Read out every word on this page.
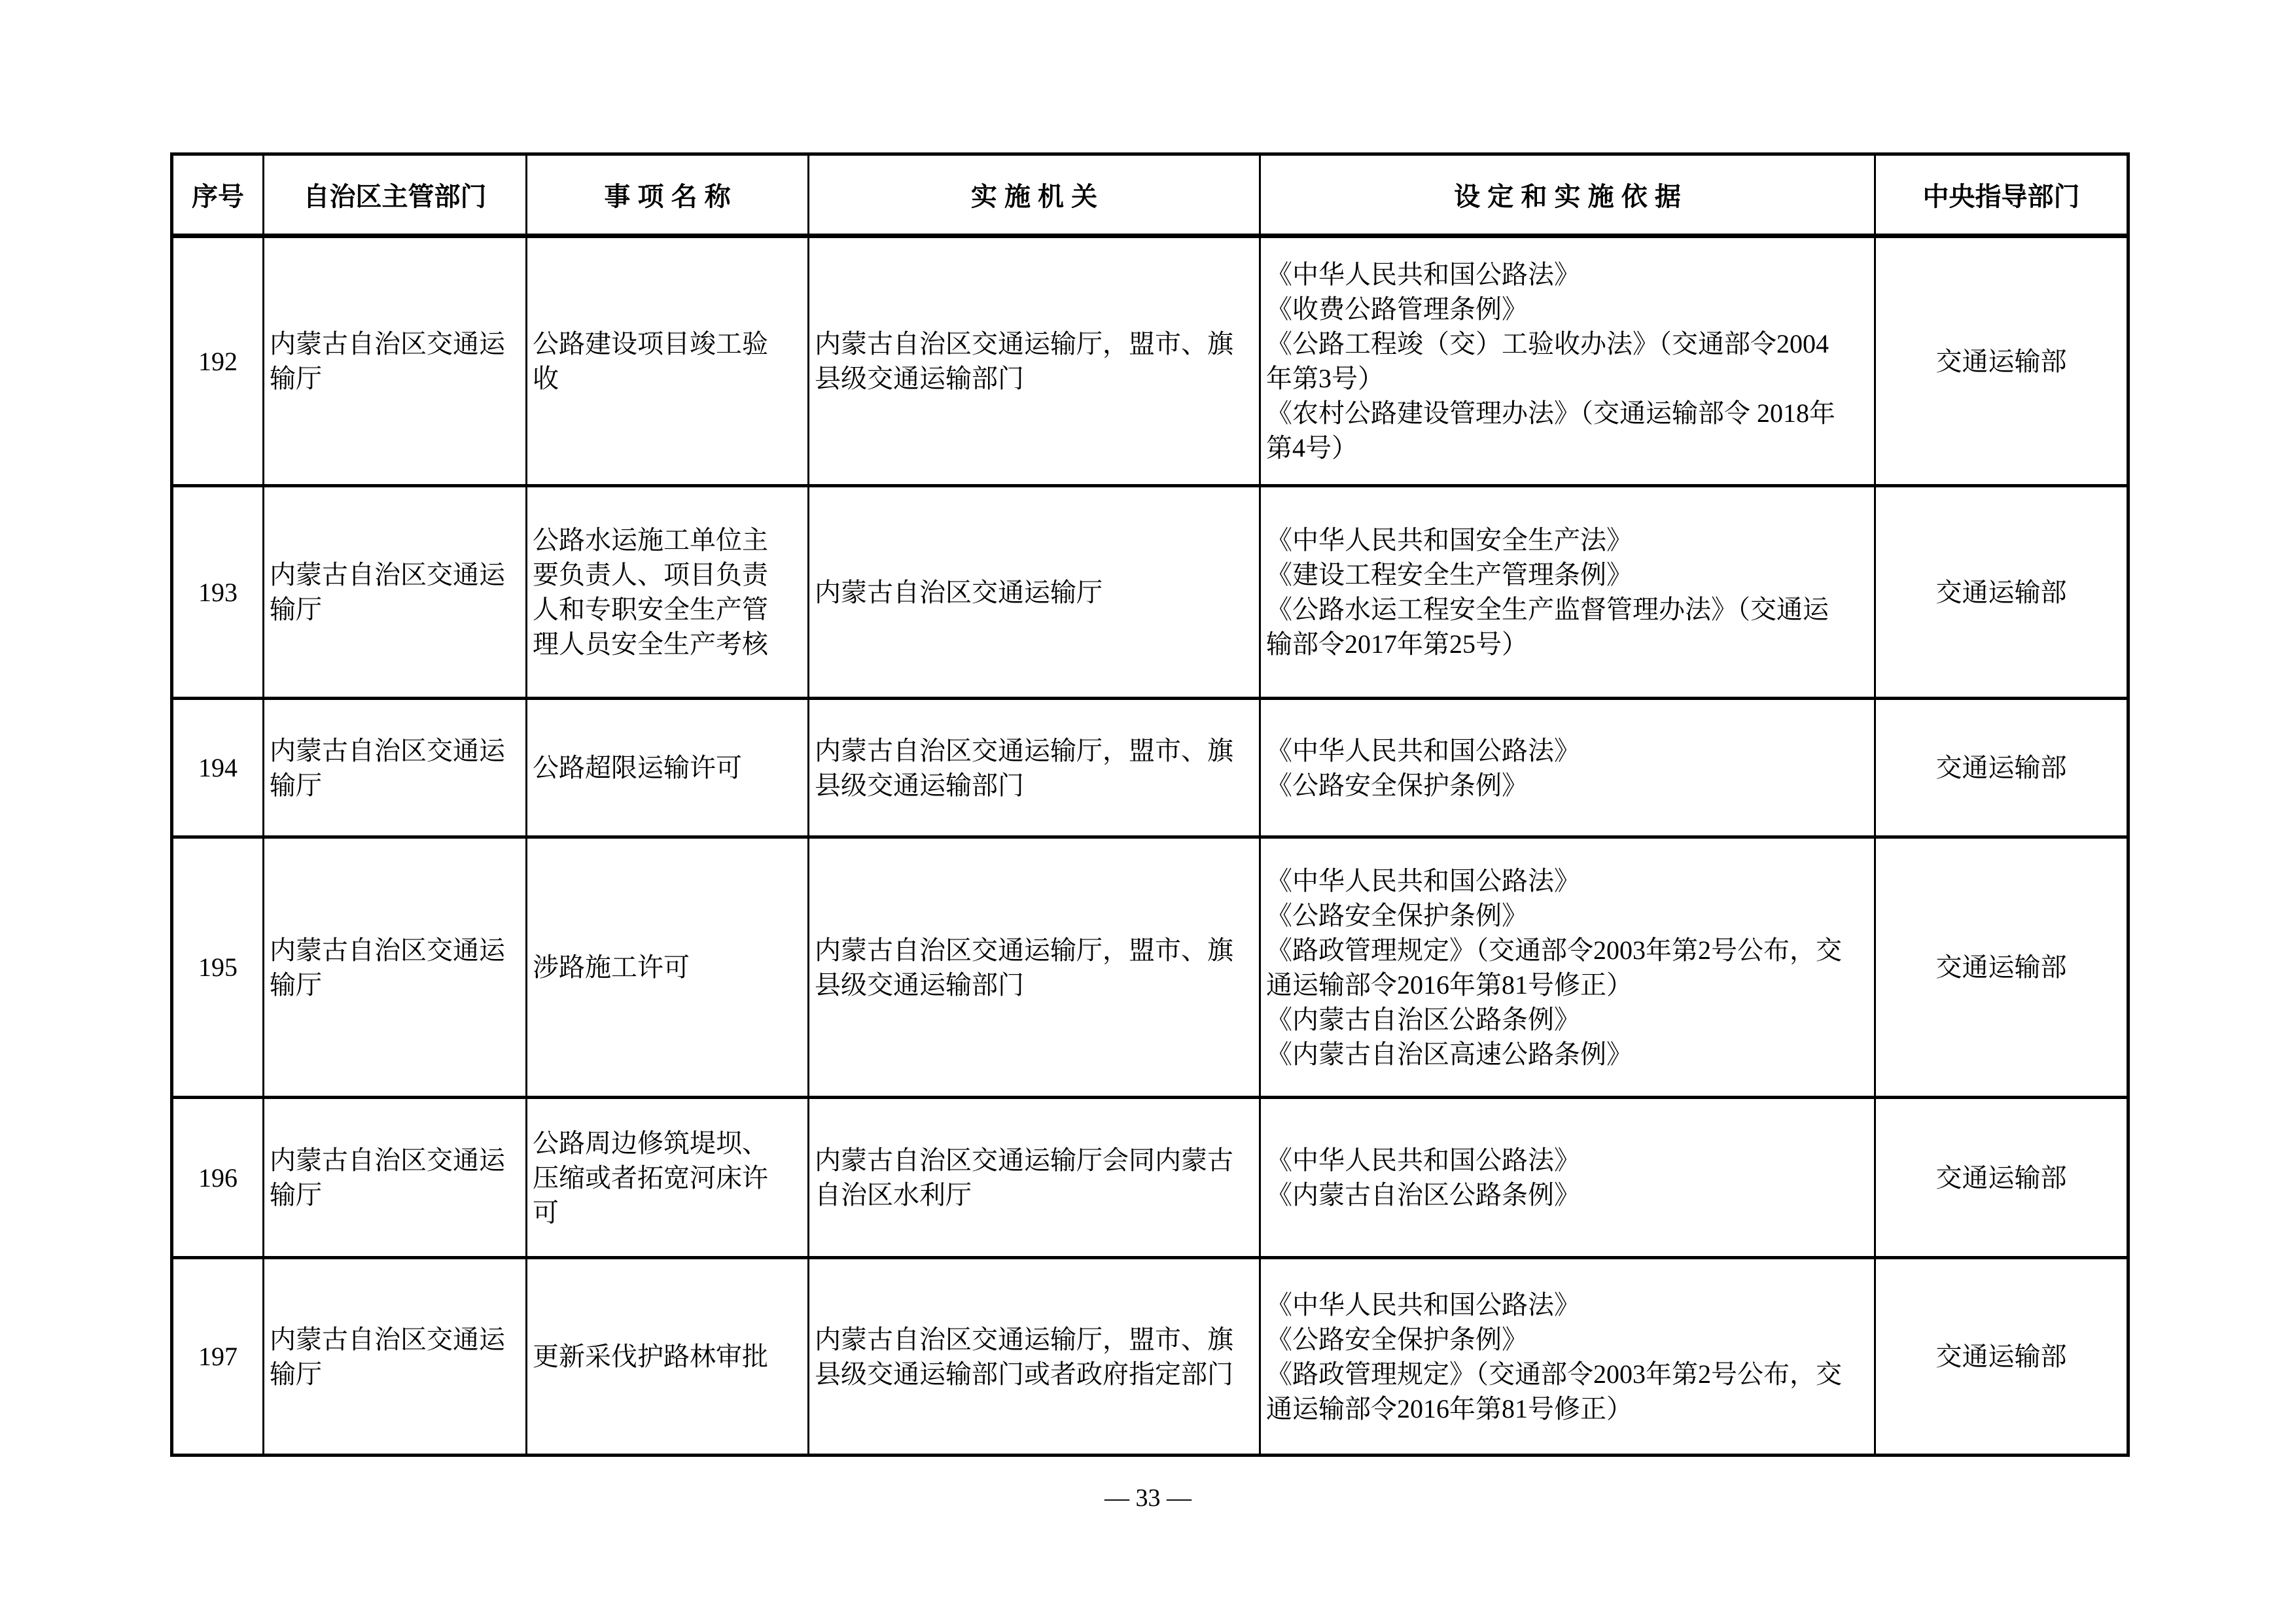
序号	自治区主管部门	事 项 名 称	实 施 机 关	设 定 和 实 施 依 据	中央指导部门
192	内蒙古自治区交通运输厅	公路建设项目竣工验收	内蒙古自治区交通运输厅，盟市、旗县级交通运输部门	《中华人民共和国公路法》
《收费公路管理条例》
《公路工程竣（交）工验收办法》（交通部令2004年第3号）
《农村公路建设管理办法》（交通运输部令 2018年第4号）	交通运输部
193	内蒙古自治区交通运输厅	公路水运施工单位主要负责人、项目负责人和专职安全生产管理人员安全生产考核	内蒙古自治区交通运输厅	《中华人民共和国安全生产法》
《建设工程安全生产管理条例》
《公路水运工程安全生产监督管理办法》（交通运输部令2017年第25号）	交通运输部
194	内蒙古自治区交通运输厅	公路超限运输许可	内蒙古自治区交通运输厅，盟市、旗县级交通运输部门	《中华人民共和国公路法》
《公路安全保护条例》	交通运输部
195	内蒙古自治区交通运输厅	涉路施工许可	内蒙古自治区交通运输厅，盟市、旗县级交通运输部门	《中华人民共和国公路法》
《公路安全保护条例》
《路政管理规定》（交通部令2003年第2号公布，交通运输部令2016年第81号修正）
《内蒙古自治区公路条例》
《内蒙古自治区高速公路条例》	交通运输部
196	内蒙古自治区交通运输厅	公路周边修筑堤坝、压缩或者拓宽河床许可	内蒙古自治区交通运输厅会同内蒙古自治区水利厅	《中华人民共和国公路法》
《内蒙古自治区公路条例》	交通运输部
197	内蒙古自治区交通运输厅	更新采伐护路林审批	内蒙古自治区交通运输厅，盟市、旗县级交通运输部门或者政府指定部门	《中华人民共和国公路法》
《公路安全保护条例》
《路政管理规定》（交通部令2003年第2号公布，交通运输部令2016年第81号修正）	交通运输部
— 33 —
